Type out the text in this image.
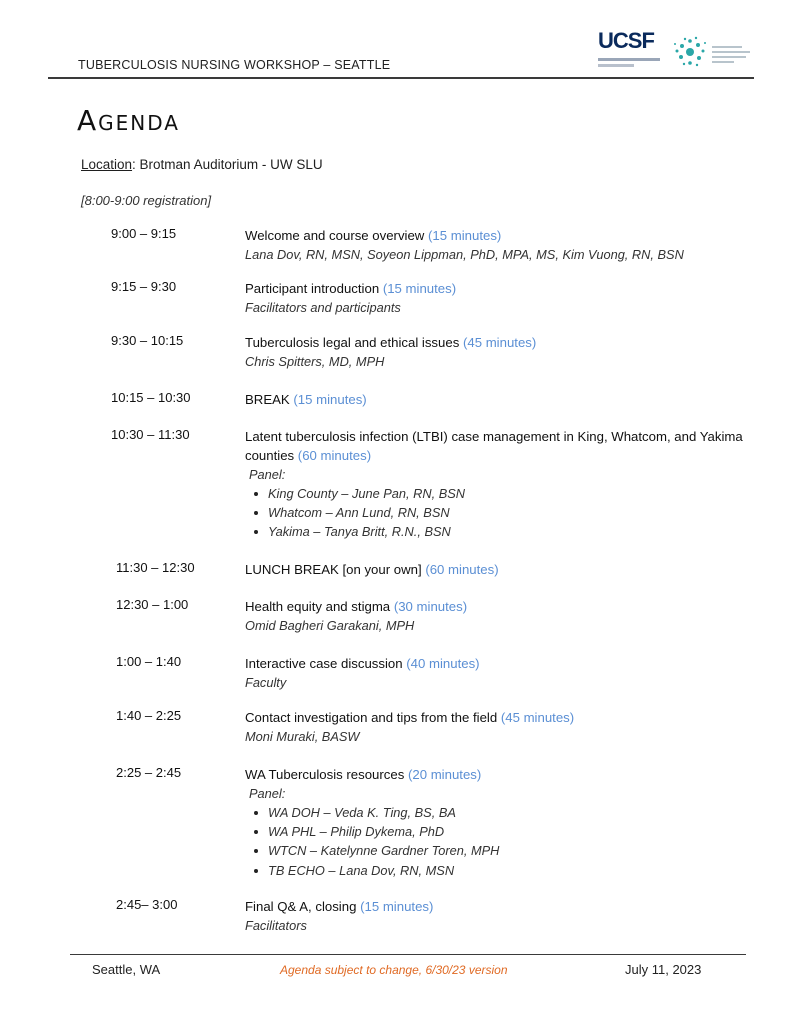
TUBERCULOSIS NURSING WORKSHOP – SEATTLE
UCSF
Agenda
Location: Brotman Auditorium - UW SLU
[8:00-9:00 registration]
9:00 – 9:15	Welcome and course overview (15 minutes)
Lana Dov, RN, MSN, Soyeon Lippman, PhD, MPA, MS, Kim Vuong, RN, BSN
9:15 – 9:30	Participant introduction (15 minutes)
Facilitators and participants
9:30 – 10:15	Tuberculosis legal and ethical issues (45 minutes)
Chris Spitters, MD, MPH
10:15 – 10:30	BREAK (15 minutes)
10:30 – 11:30	Latent tuberculosis infection (LTBI) case management in King, Whatcom, and Yakima counties (60 minutes)
Panel:
King County – June Pan, RN, BSN
Whatcom – Ann Lund, RN, BSN
Yakima – Tanya Britt, R.N., BSN
11:30 – 12:30	LUNCH BREAK [on your own] (60 minutes)
12:30 – 1:00	Health equity and stigma (30 minutes)
Omid Bagheri Garakani, MPH
1:00 – 1:40	Interactive case discussion (40 minutes)
Faculty
1:40 – 2:25	Contact investigation and tips from the field (45 minutes)
Moni Muraki, BASW
2:25 – 2:45	WA Tuberculosis resources (20 minutes)
Panel:
WA DOH – Veda K. Ting, BS, BA
WA PHL – Philip Dykema, PhD
WTCN – Katelynne Gardner Toren, MPH
TB ECHO – Lana Dov, RN, MSN
2:45– 3:00	Final Q& A, closing (15 minutes)
Facilitators
Seattle, WA	Agenda subject to change, 6/30/23 version	July 11, 2023
